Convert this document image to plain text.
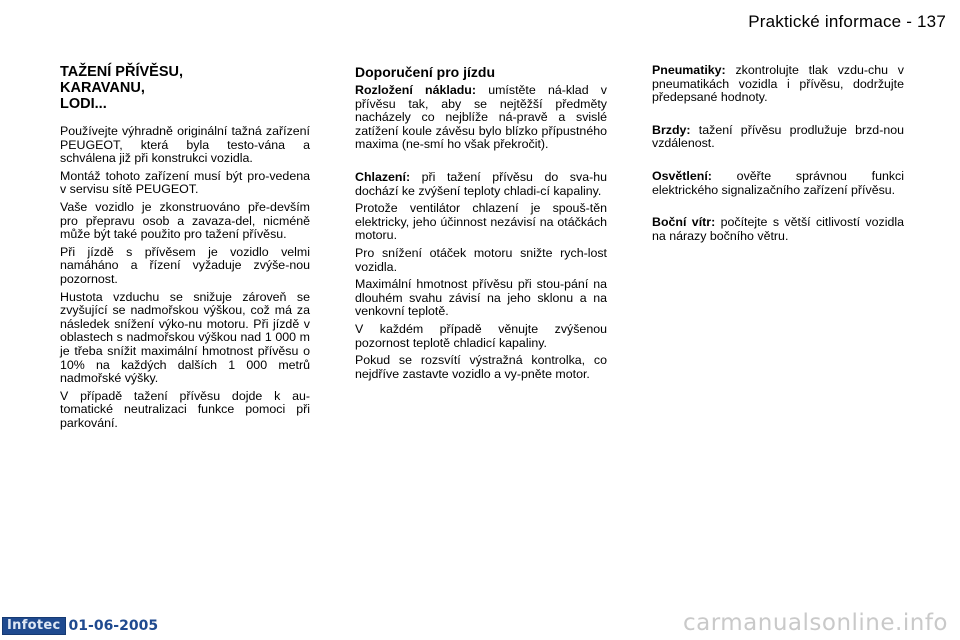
Praktické informace - 137
TAŽENÍ PŘÍVĚSU,
KARAVANU,
LODI...

Používejte výhradně originální tažná zařízení PEUGEOT, která byla testo-vána a schválena již při konstrukci vozidla.

Montáž tohoto zařízení musí být pro-vedena v servisu sítě PEUGEOT.

Vaše vozidlo je zkonstruováno pře-devším pro přepravu osob a zavaza-del, nicméně může být také použito pro tažení přívěsu.

Při jízdě s přívěsem je vozidlo velmi namáháno a řízení vyžaduje zvýše-nou pozornost.

Hustota vzduchu se snižuje zároveň se zvyšující se nadmořskou výškou, což má za následek snížení výko-nu motoru. Při jízdě v oblastech s nadmořskou výškou nad 1 000 m je třeba snížit maximální hmotnost přívěsu o 10% na každých dalších 1 000 metrů nadmořské výšky.

V případě tažení přívěsu dojde k au-tomatické neutralizaci funkce pomoci při parkování.

Doporučení pro jízdu

Rozložení nákladu: umístěte ná-klad v přívěsu tak, aby se nejtěžší předměty nacházely co nejblíže ná-pravě a svislé zatížení koule závěsu bylo blízko přípustného maxima (ne-smí ho však překročit).

Chlazení: při tažení přívěsu do sva-hu dochází ke zvýšení teploty chladi-cí kapaliny.

Protože ventilátor chlazení je spouš-těn elektricky, jeho účinnost nezávisí na otáčkách motoru.

Pro snížení otáček motoru snižte rych-lost vozidla.

Maximální hmotnost přívěsu při stou-pání na dlouhém svahu závisí na jeho sklonu a na venkovní teplotě.

V každém případě věnujte zvýšenou pozornost teplotě chladicí kapaliny.

Pokud se rozsvítí výstražná kontrolka, co nejdříve zastavte vozidlo a vy-pněte motor.

Pneumatiky: zkontrolujte tlak vzdu-chu v pneumatikách vozidla i přívěsu, dodržujte předepsané hodnoty.

Brzdy: tažení přívěsu prodlužuje brzd-nou vzdálenost.

Osvětlení: ověřte správnou funkci elektrického signalizačního zařízení přívěsu.

Boční vítr: počítejte s větší citlivostí vozidla na nárazy bočního větru.

Infotec 01-06-2005	carmanualsonline.info
